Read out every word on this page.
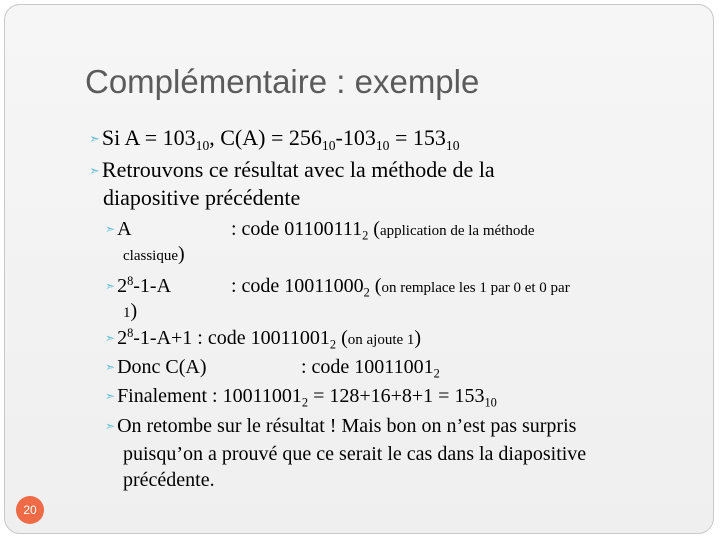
Complémentaire : exemple
➣Si $A = 103_{10}$, $C(A) = 256_{10}-103_{10} = 153_{10}$
➣Retrouvons ce résultat avec la méthode de la
diapositive précédente
➣ A	: code $01100111_2$ (application de la méthode
classique)
➣ $2^8-1-A$	: code $10011000_2$ (on remplace les 1 par 0 et 0 par
1)
➣ $2^8-1-A+1$ : code $10011001_2$ (on ajoute 1)
➣ Donc C(A)	: code $10011001_2$
➣ Finalement : $10011001_2 = 128+16+8+1 = 153_{10}$
➣ On retombe sur le résultat ! Mais bon on n’est pas surpris
puisqu’on a prouvé que ce serait le cas dans la diapositive
précédente.
20
